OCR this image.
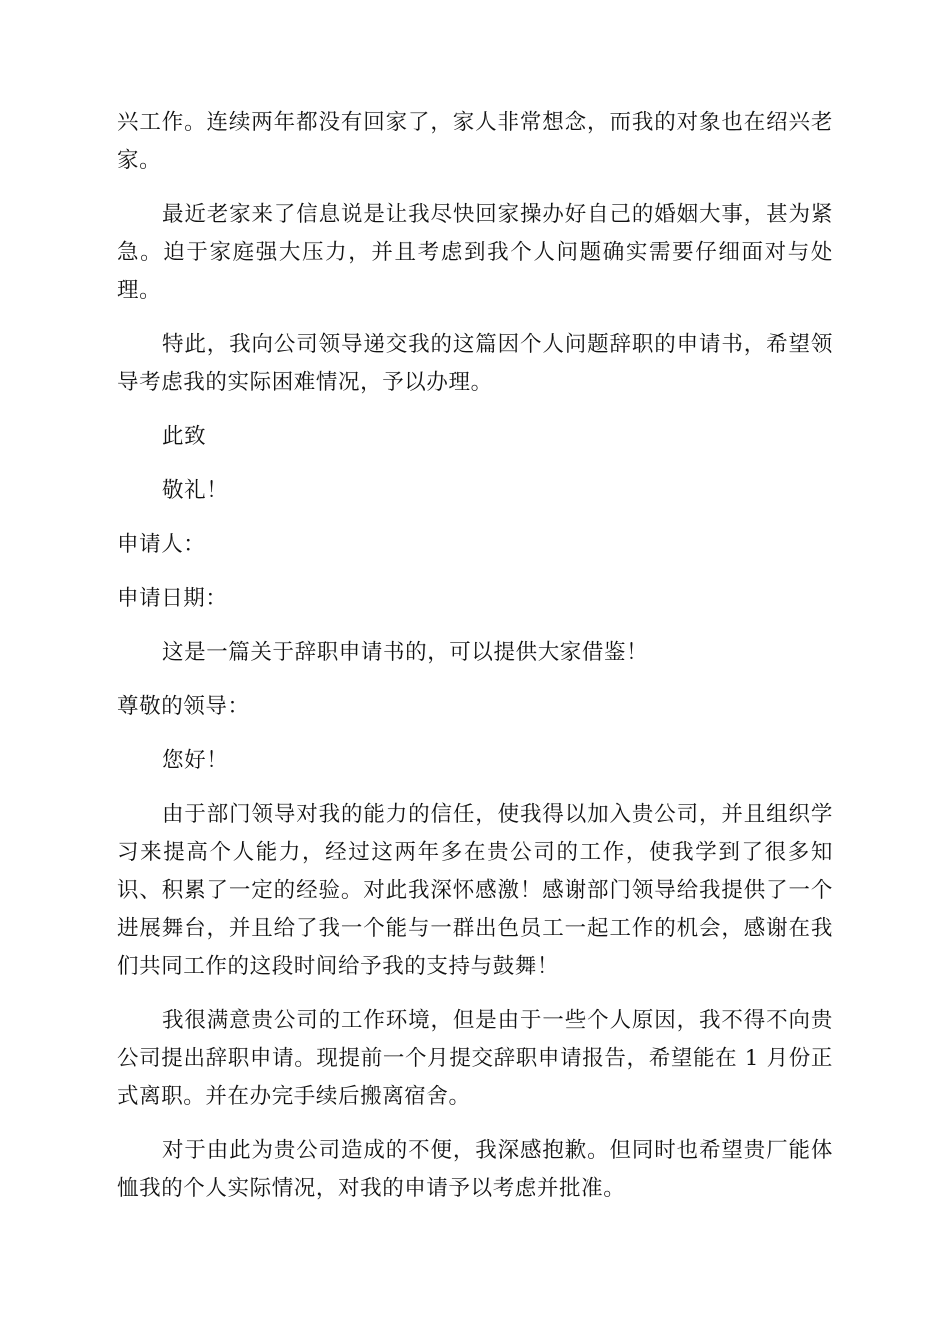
兴工作。连续两年都没有回家了，家人非常想念，而我的对象也在绍兴老家。

最近老家来了信息说是让我尽快回家操办好自己的婚姻大事，甚为紧急。迫于家庭强大压力，并且考虑到我个人问题确实需要仔细面对与处理。

特此，我向公司领导递交我的这篇因个人问题辞职的申请书，希望领导考虑我的实际困难情况，予以办理。

此致

敬礼！

申请人：

申请日期：

这是一篇关于辞职申请书的，可以提供大家借鉴！

尊敬的领导：

您好！

由于部门领导对我的能力的信任，使我得以加入贵公司，并且组织学习来提高个人能力，经过这两年多在贵公司的工作，使我学到了很多知识、积累了一定的经验。对此我深怀感激！感谢部门领导给我提供了一个进展舞台，并且给了我一个能与一群出色员工一起工作的机会，感谢在我们共同工作的这段时间给予我的支持与鼓舞！

我很满意贵公司的工作环境，但是由于一些个人原因，我不得不向贵公司提出辞职申请。现提前一个月提交辞职申请报告，希望能在 1 月份正式离职。并在办完手续后搬离宿舍。

对于由此为贵公司造成的不便，我深感抱歉。但同时也希望贵厂能体恤我的个人实际情况，对我的申请予以考虑并批准。
